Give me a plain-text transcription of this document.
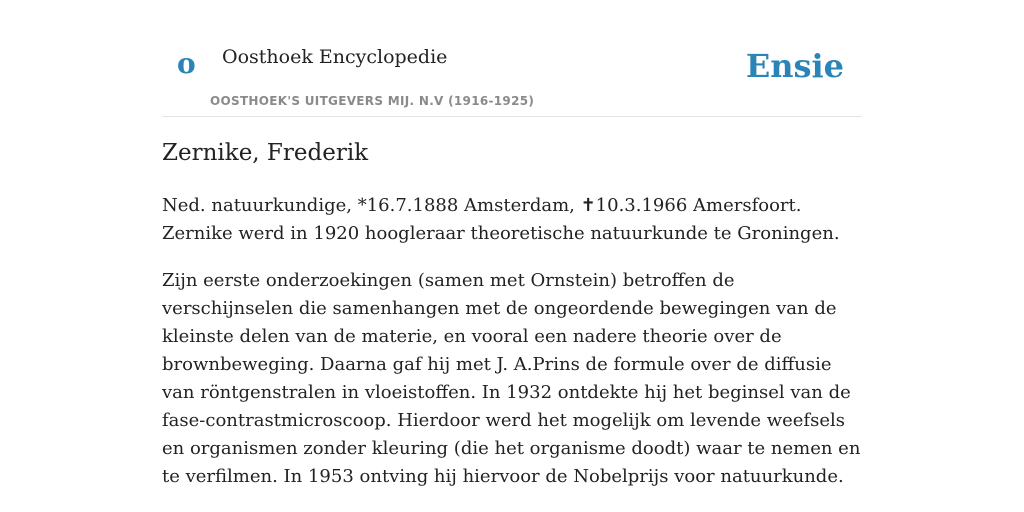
o Oosthoek Encyclopedie
OOSTHOEK'S UITGEVERS MIJ. N.V (1916-1925)
Ensie
Zernike, Frederik

Ned. natuurkundige, *16.7.1888 Amsterdam, ✝10.3.1966 Amersfoort. Zernike werd in 1920 hoogleraar theoretische natuurkunde te Groningen.

Zijn eerste onderzoekingen (samen met Ornstein) betroffen de verschijnselen die samenhangen met de ongeordende bewegingen van de kleinste delen van de materie, en vooral een nadere theorie over de brownbeweging. Daarna gaf hij met J. A.Prins de formule over de diffusie van röntgenstralen in vloeistoffen. In 1932 ontdekte hij het beginsel van de fase-contrastmicroscoop. Hierdoor werd het mogelijk om levende weefsels en organismen zonder kleuring (die het organisme doodt) waar te nemen en te verfilmen. In 1953 ontving hij hiervoor de Nobelprijs voor natuurkunde.
